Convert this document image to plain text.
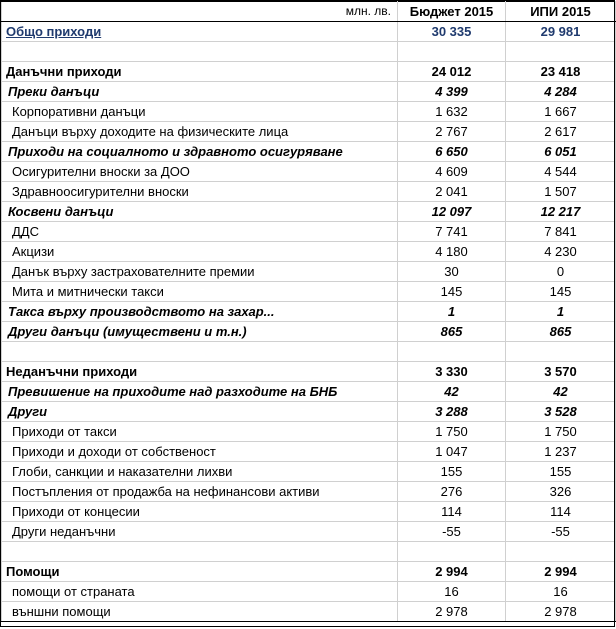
млн. лв.	Бюджет 2015	ИПИ 2015
Общо приходи	30 335	29 981

Данъчни приходи	24 012	23 418
Преки данъци	4 399	4 284
Корпоративни данъци	1 632	1 667
Данъци върху доходите на физическите лица	2 767	2 617
Приходи на социалното и здравното осигуряване	6 650	6 051
Осигурителни вноски за ДОО	4 609	4 544
Здравноосигурителни вноски	2 041	1 507
Косвени данъци	12 097	12 217
ДДС	7 741	7 841
Акцизи	4 180	4 230
Данък върху застрахователните премии	30	0
Мита и митнически такси	145	145
Такса върху производството на захар...	1	1
Други данъци (имуществени и т.н.)	865	865

Неданъчни приходи	3 330	3 570
Превишение на приходите над разходите на БНБ	42	42
Други	3 288	3 528
Приходи от такси	1 750	1 750
Приходи и доходи от собственост	1 047	1 237
Глоби, санкции и наказателни лихви	155	155
Постъпления от продажба на нефинансови активи	276	326
Приходи от концесии	114	114
Други неданъчни	-55	-55

Помощи	2 994	2 994
помощи от страната	16	16
външни помощи	2 978	2 978
